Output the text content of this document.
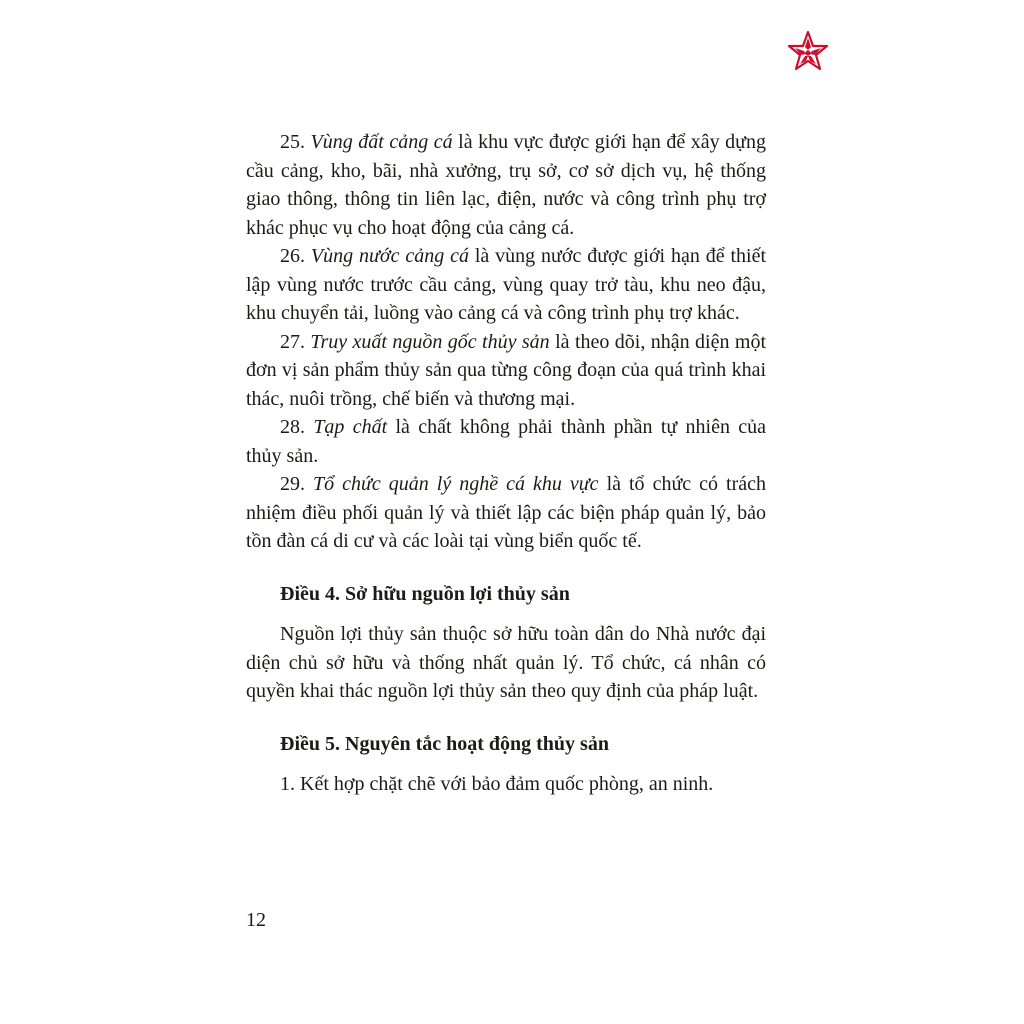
25. Vùng đất cảng cá là khu vực được giới hạn để xây dựng cầu cảng, kho, bãi, nhà xưởng, trụ sở, cơ sở dịch vụ, hệ thống giao thông, thông tin liên lạc, điện, nước và công trình phụ trợ khác phục vụ cho hoạt động của cảng cá.

26. Vùng nước cảng cá là vùng nước được giới hạn để thiết lập vùng nước trước cầu cảng, vùng quay trở tàu, khu neo đậu, khu chuyển tải, luồng vào cảng cá và công trình phụ trợ khác.

27. Truy xuất nguồn gốc thủy sản là theo dõi, nhận diện một đơn vị sản phẩm thủy sản qua từng công đoạn của quá trình khai thác, nuôi trồng, chế biến và thương mại.

28. Tạp chất là chất không phải thành phần tự nhiên của thủy sản.

29. Tổ chức quản lý nghề cá khu vực là tổ chức có trách nhiệm điều phối quản lý và thiết lập các biện pháp quản lý, bảo tồn đàn cá di cư và các loài tại vùng biển quốc tế.

Điều 4. Sở hữu nguồn lợi thủy sản

Nguồn lợi thủy sản thuộc sở hữu toàn dân do Nhà nước đại diện chủ sở hữu và thống nhất quản lý. Tổ chức, cá nhân có quyền khai thác nguồn lợi thủy sản theo quy định của pháp luật.

Điều 5. Nguyên tắc hoạt động thủy sản

1. Kết hợp chặt chẽ với bảo đảm quốc phòng, an ninh.

12
